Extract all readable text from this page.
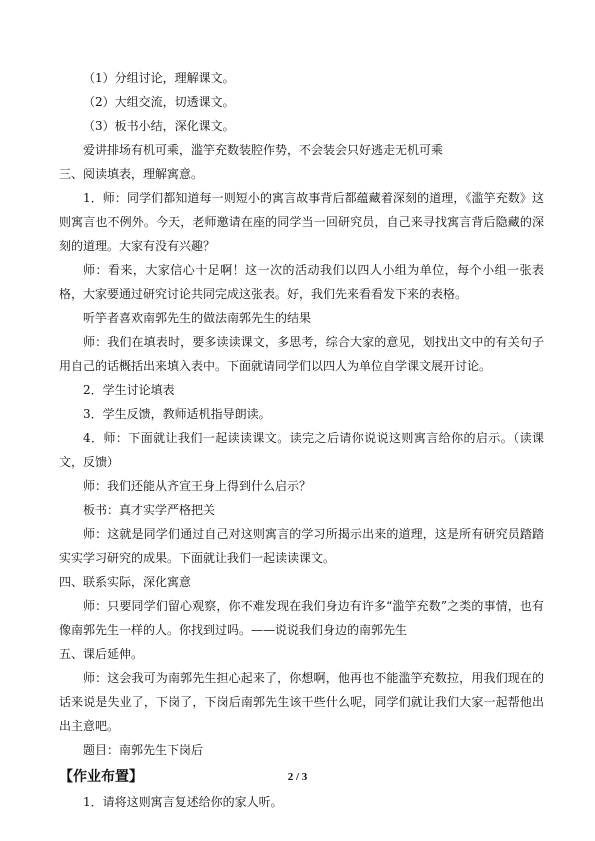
（1）分组讨论，理解课文。
（2）大组交流，切透课文。
（3）板书小结，深化课文。
爱讲排场有机可乘，滥竽充数装腔作势，不会装会只好逃走无机可乘
三、阅读填表，理解寓意。
1．师：同学们都知道每一则短小的寓言故事背后都蕴藏着深刻的道理，《滥竽充数》这则寓言也不例外。今天，老师邀请在座的同学当一回研究员，自己来寻找寓言背后隐藏的深刻的道理。大家有没有兴趣？
师：看来，大家信心十足啊！这一次的活动我们以四人小组为单位，每个小组一张表格，大家要通过研究讨论共同完成这张表。好，我们先来看看发下来的表格。
听竽者喜欢南郭先生的做法南郭先生的结果
师：我们在填表时，要多读读课文，多思考，综合大家的意见，划找出文中的有关句子用自己的话概括出来填入表中。下面就请同学们以四人为单位自学课文展开讨论。
2．学生讨论填表
3．学生反馈，教师适机指导朗读。
4．师：下面就让我们一起读读课文。读完之后请你说说这则寓言给你的启示。（读课文，反馈）
师：我们还能从齐宣王身上得到什么启示？
板书：真才实学严格把关
师：这就是同学们通过自己对这则寓言的学习所揭示出来的道理，这是所有研究员踏踏实实学习研究的成果。下面就让我们一起读读课文。
四、联系实际，深化寓意
师：只要同学们留心观察，你不难发现在我们身边有许多“滥竽充数”之类的事情，也有像南郭先生一样的人。你找到过吗。——说说我们身边的南郭先生
五、课后延伸。
师：这会我可为南郭先生担心起来了，你想啊，他再也不能滥竽充数拉，用我们现在的话来说是失业了，下岗了，下岗后南郭先生该干些什么呢，同学们就让我们大家一起帮他出出主意吧。
题目：南郭先生下岗后
【作业布置】
1．请将这则寓言复述给你的家人听。
2 / 3
